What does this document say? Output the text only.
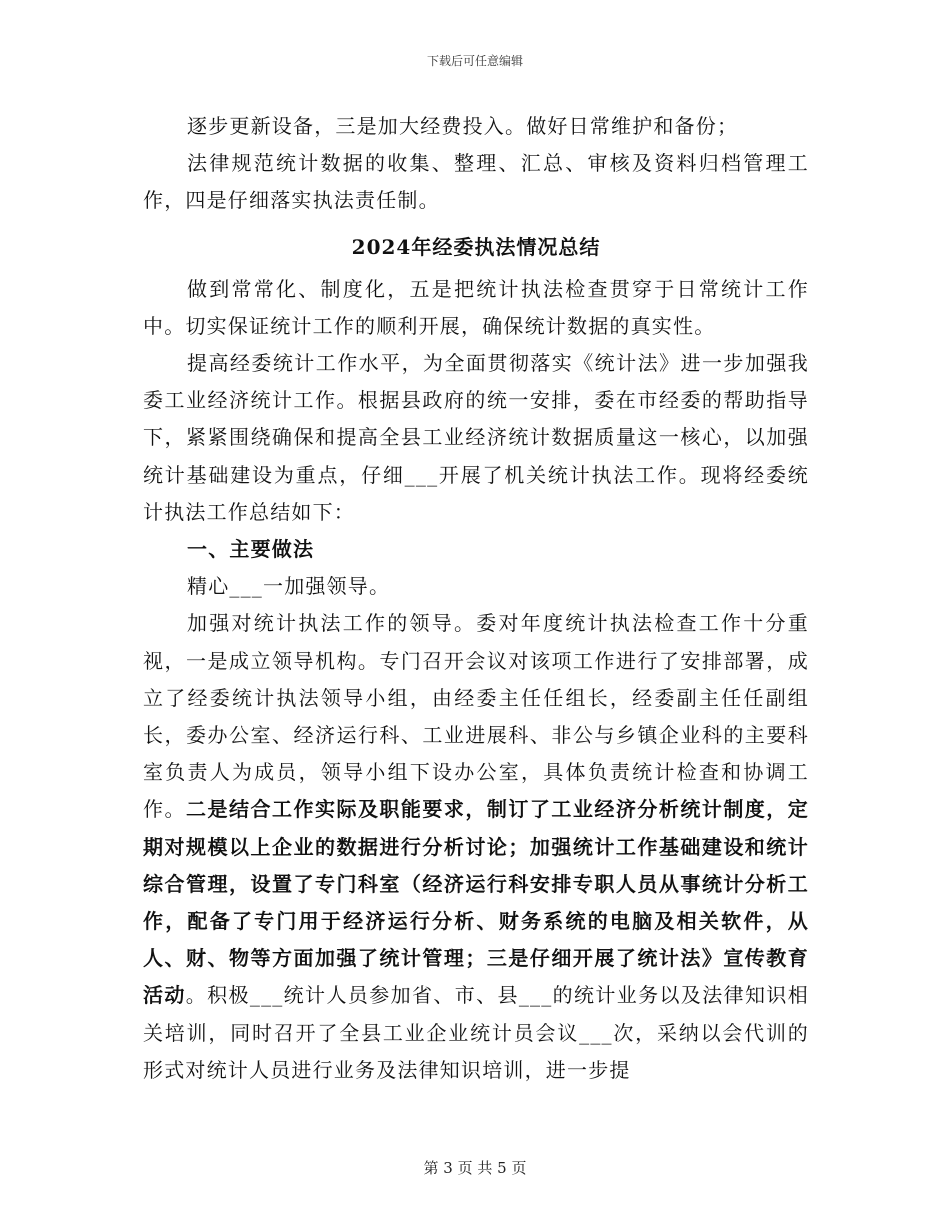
下载后可任意编辑

逐步更新设备，三是加大经费投入。做好日常维护和备份；

法律规范统计数据的收集、整理、汇总、审核及资料归档管理工作，四是仔细落实执法责任制。

2024年经委执法情况总结

做到常常化、制度化，五是把统计执法检查贯穿于日常统计工作中。切实保证统计工作的顺利开展，确保统计数据的真实性。

提高经委统计工作水平，为全面贯彻落实《统计法》进一步加强我委工业经济统计工作。根据县政府的统一安排，委在市经委的帮助指导下，紧紧围绕确保和提高全县工业经济统计数据质量这一核心，以加强统计基础建设为重点，仔细___开展了机关统计执法工作。现将经委统计执法工作总结如下：

一、主要做法

精心___一加强领导。

加强对统计执法工作的领导。委对年度统计执法检查工作十分重视，一是成立领导机构。专门召开会议对该项工作进行了安排部署，成立了经委统计执法领导小组，由经委主任任组长，经委副主任任副组长，委办公室、经济运行科、工业进展科、非公与乡镇企业科的主要科室负责人为成员，领导小组下设办公室，具体负责统计检查和协调工作。二是结合工作实际及职能要求，制订了工业经济分析统计制度，定期对规模以上企业的数据进行分析讨论；加强统计工作基础建设和统计综合管理，设置了专门科室（经济运行科安排专职人员从事统计分析工作，配备了专门用于经济运行分析、财务系统的电脑及相关软件，从人、财、物等方面加强了统计管理；三是仔细开展了统计法》宣传教育活动。积极___统计人员参加省、市、县___的统计业务以及法律知识相关培训，同时召开了全县工业企业统计员会议___次，采纳以会代训的形式对统计人员进行业务及法律知识培训，进一步提

第 3 页 共 5 页
